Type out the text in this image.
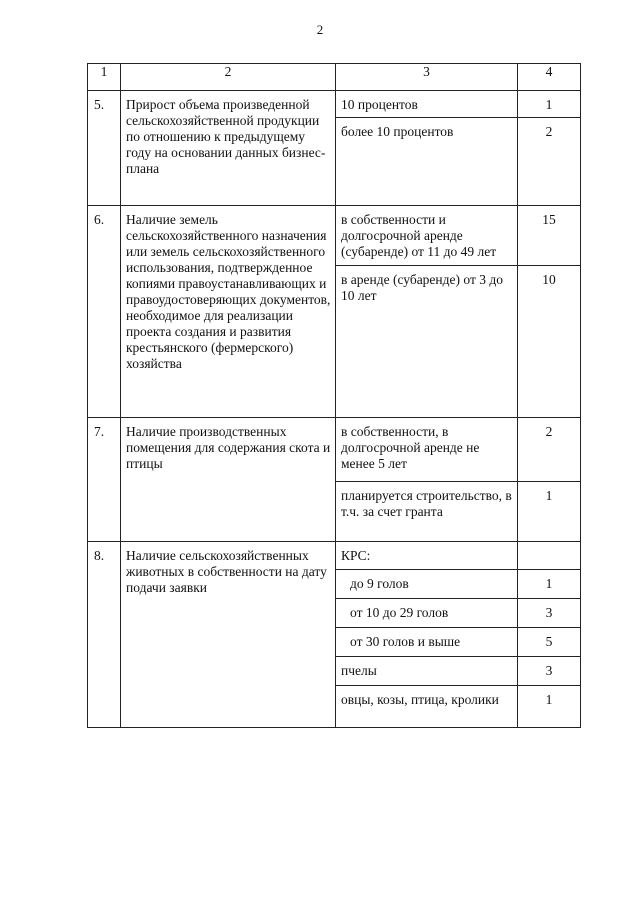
2
1	2	3	4
5.	Прирост объема произведенной сельскохозяйственной продукции по отношению к предыдущему году на основании данных бизнес-плана	10 процентов	1
		более 10 процентов	2
6.	Наличие земель сельскохозяйственного назначения или земель сельскохозяйственного использования, подтвержденное копиями правоустанавливающих и правоудостоверяющих документов, необходимое для реализации проекта создания и развития крестьянского (фермерского) хозяйства	в собственности и долгосрочной аренде (субаренде) от 11 до 49 лет	15
		в аренде (субаренде) от 3 до 10 лет	10
7.	Наличие производственных помещения для содержания скота и птицы	в собственности, в долгосрочной аренде не менее 5 лет	2
		планируется строительство, в т.ч. за счет гранта	1
8.	Наличие сельскохозяйственных животных в собственности на дату подачи заявки	КРС:	
		до 9 голов	1
		от 10 до 29 голов	3
		от 30 голов и выше	5
		пчелы	3
		овцы, козы, птица, кролики	1
